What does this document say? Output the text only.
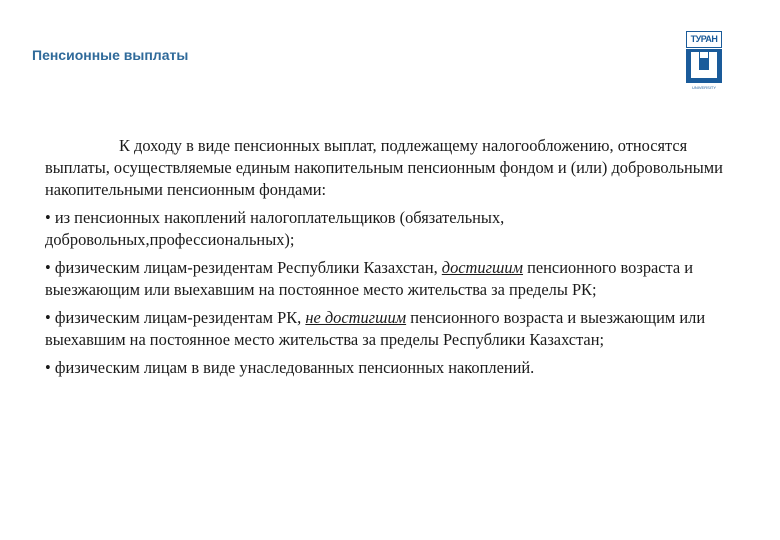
Пенсионные выплаты
ТУРАН
UNIVERSITY

К доходу в виде пенсионных выплат, подлежащему налогообложению, относятся выплаты, осуществляемые единым накопительным пенсионным фондом и (или) добровольными накопительными пенсионным фондами:

• из пенсионных накоплений налогоплательщиков (обязательных, добровольных,профессиональных);

• физическим лицам-резидентам Республики Казахстан, достигшим пенсионного возраста и выезжающим или выехавшим на постоянное место жительства за пределы РК;

• физическим лицам-резидентам РК, не достигшим пенсионного возраста и выезжающим или выехавшим на постоянное место жительства за пределы Республики Казахстан;

• физическим лицам в виде унаследованных пенсионных накоплений.
